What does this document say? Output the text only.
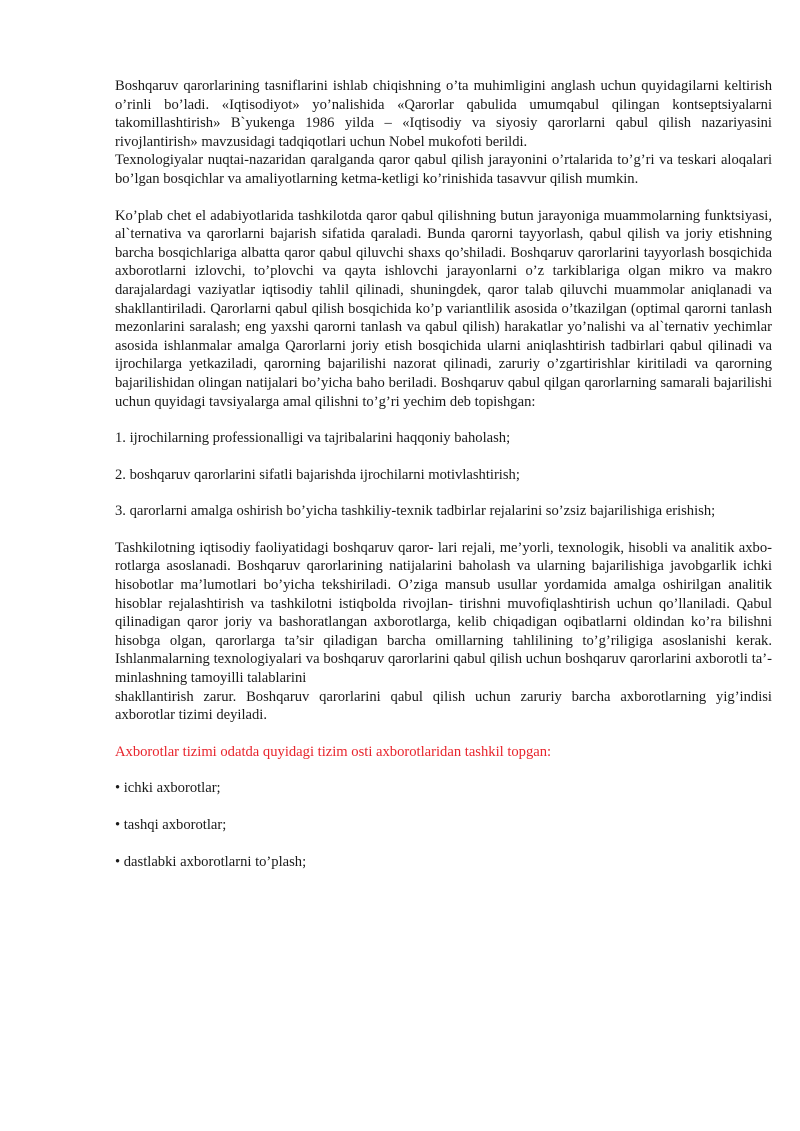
Boshqaruv qarorlarining tasniflarini ishlab chiqishning o’ta muhimligini anglash uchun quyidagilarni keltirish o’rinli bo’ladi. «Iqtisodiyot» yo’nalishida «Qarorlar qabulida umumqabul qilingan kontseptsiyalarni takomillashtirish» B`yukenga 1986 yilda – «Iqtisodiy va siyosiy qarorlarni qabul qilish nazariyasini rivojlantirish» mavzusidagi tadqiqotlari uchun Nobel mukofoti berildi.

Texnologiyalar nuqtai-nazaridan qaralganda qaror qabul qilish jarayonini o’rtalarida to’g’ri va teskari aloqalari bo’lgan bosqichlar va amaliyotlarning ketma-ketligi ko’rinishida tasavvur qilish mumkin.

Ko’plab chet el adabiyotlarida tashkilotda qaror qabul qilishning butun jarayoniga muammolarning funktsiyasi, al`ternativa va qarorlarni bajarish sifatida qaraladi. Bunda qarorni tayyorlash, qabul qilish va joriy etishning barcha bosqichlariga albatta qaror qabul qiluvchi shaxs qo’shiladi. Boshqaruv qarorlarini tayyorlash bosqichida axborotlarni izlovchi, to’plovchi va qayta ishlovchi jarayonlarni o’z tarkiblariga olgan mikro va makro darajalardagi vaziyatlar iqtisodiy tahlil qilinadi, shuningdek, qaror talab qiluvchi muammolar aniqlanadi va shakllantiriladi. Qarorlarni qabul qilish bosqichida ko’p variantlilik asosida o’tkazilgan (optimal qarorni tanlash mezonlarini saralash; eng yaxshi qarorni tanlash va qabul qilish) harakatlar yo’nalishi va al`ternativ yechimlar asosida ishlanmalar amalga Qarorlarni joriy etish bosqichida ularni aniqlashtirish tadbirlari qabul qilinadi va ijrochilarga yetkaziladi, qarorning bajarilishi nazorat qilinadi, zaruriy o’zgartirishlar kiritiladi va qarorning bajarilishidan olingan natijalari bo’yicha baho beriladi. Boshqaruv qabul qilgan qarorlarning samarali bajarilishi uchun quyidagi tavsiyalarga amal qilishni to’g’ri yechim deb topishgan:

1. ijrochilarning professionalligi va tajribalarini haqqoniy baholash;

2. boshqaruv qarorlarini sifatli bajarishda ijrochilarni motivlashtirish;

3. qarorlarni amalga oshirish bo’yicha tashkiliy-texnik tadbirlar rejalarini so’zsiz bajarilishiga erishish;

Tashkilotning iqtisodiy faoliyatidagi boshqaruv qaror- lari rejali, me’yorli, texnologik, hisobli va analitik axbo- rotlarga asoslanadi. Boshqaruv qarorlarining natijalarini baholash va ularning bajarilishiga javobgarlik ichki hisobotlar ma’lumotlari bo’yicha tekshiriladi. O’ziga mansub usullar yordamida amalga oshirilgan analitik hisoblar rejalashtirish va tashkilotni istiqbolda rivojlan- tirishni muvofiqlashtirish uchun qo’llaniladi. Qabul qilinadigan qaror joriy va bashoratlangan axborotlarga, kelib chiqadigan oqibatlarni oldindan ko’ra bilishni hisobga olgan, qarorlarga ta’sir qiladigan barcha omillarning tahlilining to’g’riligiga asoslanishi kerak. Ishlanmalarning texnologiyalari va boshqaruv qarorlarini qabul qilish uchun boshqaruv qarorlarini axborotli ta’- minlashning tamoyilli talablarini

shakllantirish zarur. Boshqaruv qarorlarini qabul qilish uchun zaruriy barcha axborotlarning yig’indisi axborotlar tizimi deyiladi.

Axborotlar tizimi odatda quyidagi tizim osti axborotlaridan tashkil topgan:

• ichki axborotlar;

• tashqi axborotlar;

• dastlabki axborotlarni to’plash;
